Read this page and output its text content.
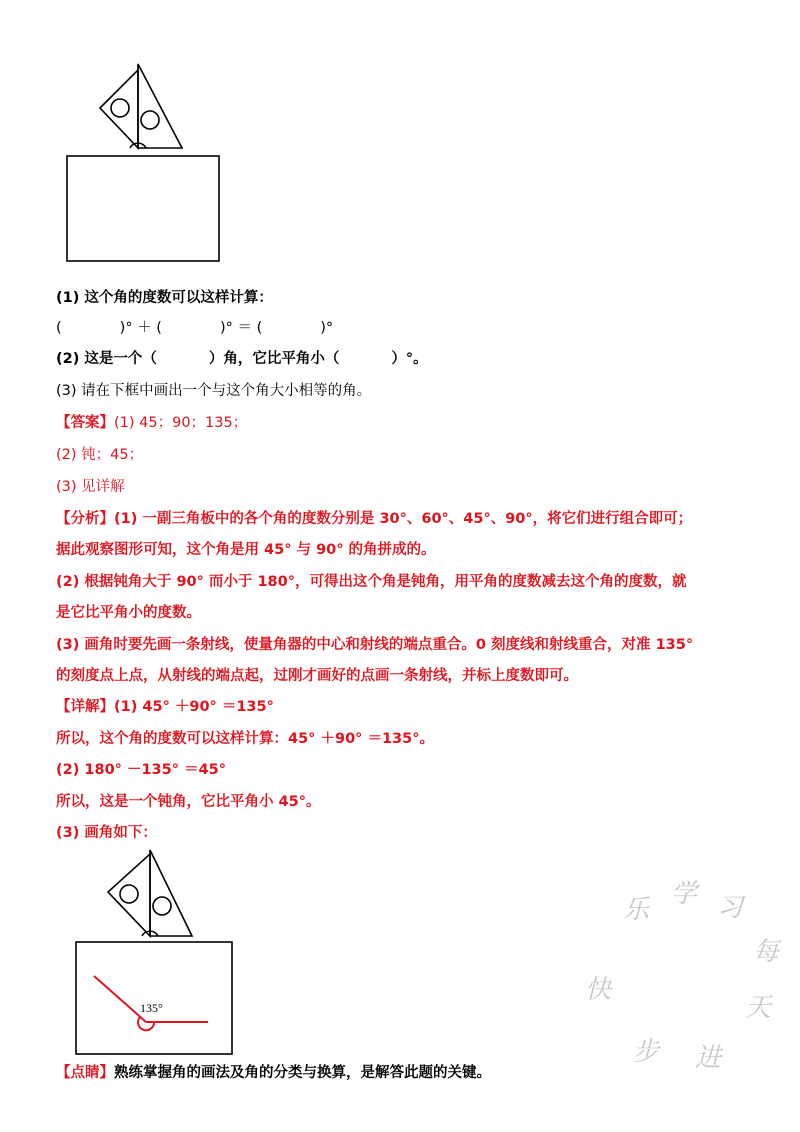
(1) 这个角的度数可以这样计算：
(	)° ＋ (	)° ＝ (	)°
(2) 这是一个（	）角，它比平角小（	）°。
(3) 请在下框中画出一个与这个角大小相等的角。
【答案】(1) 45；90；135；
(2) 钝；45；
(3) 见详解
【分析】(1) 一副三角板中的各个角的度数分别是 30°、60°、45°、90°，将它们进行组合即可；
据此观察图形可知，这个角是用 45° 与 90° 的角拼成的。
(2) 根据钝角大于 90° 而小于 180°，可得出这个角是钝角，用平角的度数减去这个角的度数，就
是它比平角小的度数。
(3) 画角时要先画一条射线，使量角器的中心和射线的端点重合。0 刻度线和射线重合，对准 135°
的刻度点上点，从射线的端点起，过刚才画好的点画一条射线，并标上度数即可。
【详解】(1) 45° ＋90° ＝135°
所以，这个角的度数可以这样计算：45° ＋90° ＝135°。
(2) 180° －135° ＝45°
所以，这是一个钝角，它比平角小 45°。
(3) 画角如下：
135°
【点睛】熟练掌握角的画法及角的分类与换算，是解答此题的关键。
乐
学 习
每
天
进
步
快
